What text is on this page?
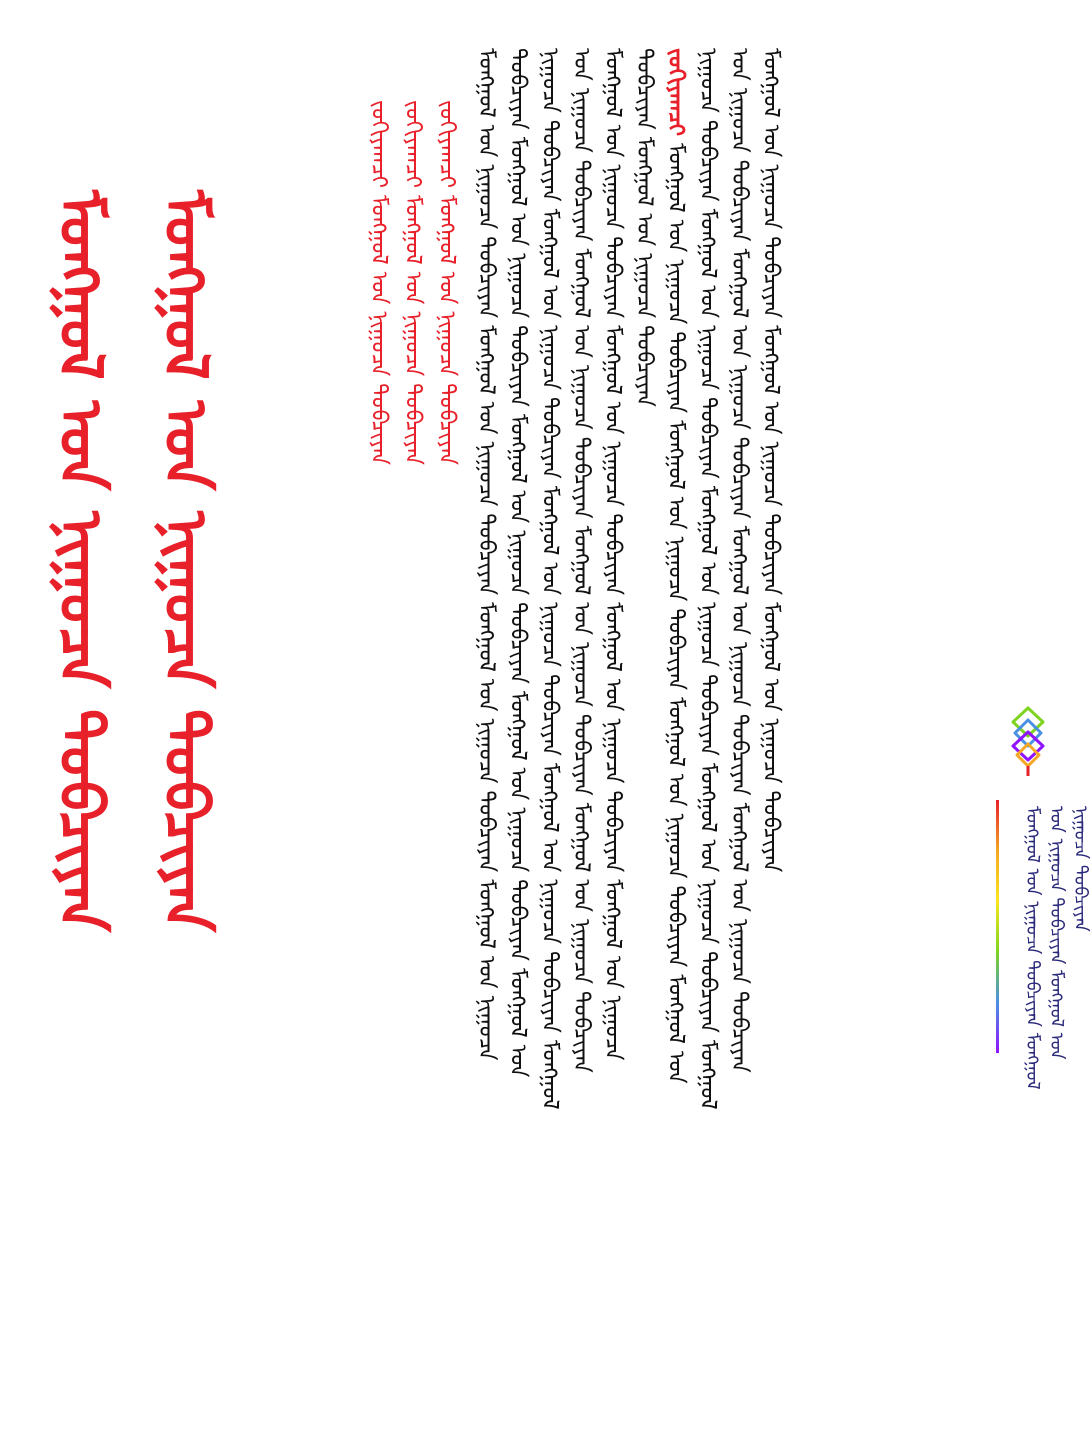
ᠮᠣᠩᠭᠣᠯ ᠤᠨ ᠨᠢᠭᠤᠴᠠ ᠲᠣᠪᠴᠢᠶᠠᠨ ᠮᠣᠩᠭᠣᠯ ᠤᠨ ᠨᠢᠭᠤᠴᠠ ᠲᠣᠪᠴᠢᠶᠠᠨ	ᠵᠣᠬᠢᠶᠠᠭᠴᠢ ᠮᠣᠩᠭᠣᠯ ᠤᠨ ᠨᠢᠭᠤᠴᠠ ᠲᠣᠪᠴᠢᠶᠠᠨ ᠵᠣᠬᠢᠶᠠᠭᠴᠢ ᠮᠣᠩᠭᠣᠯ ᠤᠨ ᠨᠢᠭᠤᠴᠠ ᠲᠣᠪᠴᠢᠶᠠᠨ ᠵᠣᠬᠢᠶᠠᠭᠴᠢ ᠮᠣᠩᠭᠣᠯ ᠤᠨ ᠨᠢᠭᠤᠴᠠ ᠲᠣᠪᠴᠢᠶᠠᠨ ᠮᠣᠩᠭᠣᠯ ᠤᠨ ᠨᠢᠭᠤᠴᠠ ᠲᠣᠪᠴᠢᠶᠠᠨ ᠮᠣᠩᠭᠣᠯ ᠤᠨ ᠨᠢᠭᠤᠴᠠ ᠲᠣᠪᠴᠢᠶᠠᠨ ᠮᠣᠩᠭᠣᠯ ᠤᠨ ᠨᠢᠭᠤᠴᠠ ᠲᠣᠪᠴᠢᠶᠠᠨ ᠮᠣᠩᠭᠣᠯ ᠤᠨ ᠨᠢᠭᠤᠴᠠ ᠲᠣᠪᠴᠢᠶᠠᠨ ᠮᠣᠩᠭᠣᠯ ᠤᠨ ᠨᠢᠭᠤᠴᠠ ᠲᠣᠪᠴᠢᠶᠠᠨ ᠮᠣᠩᠭᠣᠯ ᠤᠨ ᠨᠢᠭᠤᠴᠠ ᠲᠣᠪᠴᠢᠶᠠᠨ ᠮᠣᠩᠭᠣᠯ ᠤᠨ ᠨᠢᠭᠤᠴᠠ ᠲᠣᠪᠴᠢᠶᠠᠨ ᠮᠣᠩᠭᠣᠯ ᠤᠨ ᠨᠢᠭᠤᠴᠠ ᠲᠣᠪᠴᠢᠶᠠᠨ ᠮᠣᠩᠭᠣᠯ ᠤᠨ ᠨᠢᠭᠤᠴᠠ ᠲᠣᠪᠴᠢᠶᠠᠨ ᠮᠣᠩᠭᠣᠯ ᠤᠨ ᠨᠢᠭᠤᠴᠠ ᠲᠣᠪᠴᠢᠶᠠᠨ ᠮᠣᠩᠭᠣᠯ ᠤᠨ ᠨᠢᠭᠤᠴᠠ ᠲᠣᠪᠴᠢᠶᠠᠨ ᠮᠣᠩᠭᠣᠯ ᠤᠨ ᠨᠢᠭᠤᠴᠠ ᠲᠣᠪᠴᠢᠶᠠᠨ ᠮᠣᠩᠭᠣᠯ ᠤᠨ ᠨᠢᠭᠤᠴᠠ ᠲᠣᠪᠴᠢᠶᠠᠨ ᠮᠣᠩᠭᠣᠯ ᠤᠨ ᠨᠢᠭᠤᠴᠠ ᠲᠣᠪᠴᠢᠶᠠᠨ ᠮᠣᠩᠭᠣᠯ ᠤᠨ ᠨᠢᠭᠤᠴᠠ ᠲᠣᠪᠴᠢᠶᠠᠨ ᠮᠣᠩᠭᠣᠯ ᠤᠨ ᠨᠢᠭᠤᠴᠠ ᠲᠣᠪᠴᠢᠶᠠᠨ ᠮᠣᠩᠭᠣᠯ ᠤᠨ ᠨᠢᠭᠤᠴᠠ ᠲᠣᠪᠴᠢᠶᠠᠨ ᠮᠣᠩᠭᠣᠯ ᠤᠨ ᠨᠢᠭᠤᠴᠠ ᠲᠣᠪᠴᠢᠶᠠᠨ ᠮᠣᠩᠭᠣᠯ ᠤᠨ ᠨᠢᠭᠤᠴᠠ ᠲᠣᠪᠴᠢᠶᠠᠨ ᠮᠣᠩᠭᠣᠯ ᠤᠨ ᠨᠢᠭᠤᠴᠠ ᠲᠣᠪᠴᠢᠶᠠᠨ ᠵᠣᠬᠢᠶᠠᠭᠴᠢ ᠮᠣᠩᠭᠣᠯ ᠤᠨ ᠨᠢᠭᠤᠴᠠ ᠲᠣᠪᠴᠢᠶᠠᠨ ᠮᠣᠩᠭᠣᠯ ᠤᠨ ᠨᠢᠭᠤᠴᠠ ᠲᠣᠪᠴᠢᠶᠠᠨ ᠮᠣᠩᠭᠣᠯ ᠤᠨ ᠨᠢᠭᠤᠴᠠ ᠲᠣᠪᠴᠢᠶᠠᠨ ᠮᠣᠩᠭᠣᠯ ᠤᠨ ᠨᠢᠭᠤᠴᠠ ᠲᠣᠪᠴᠢᠶᠠᠨ ᠮᠣᠩᠭᠣᠯ ᠤᠨ ᠨᠢᠭᠤᠴᠠ ᠲᠣᠪᠴᠢᠶᠠᠨ ᠮᠣᠩᠭᠣᠯ ᠤᠨ ᠨᠢᠭᠤᠴᠠ ᠲᠣᠪᠴᠢᠶᠠᠨ ᠮᠣᠩᠭᠣᠯ ᠤᠨ ᠨᠢᠭᠤᠴᠠ ᠲᠣᠪᠴᠢᠶᠠᠨ ᠮᠣᠩᠭᠣᠯ ᠤᠨ ᠨᠢᠭᠤᠴᠠ ᠲᠣᠪᠴᠢᠶᠠᠨ ᠮᠣᠩᠭᠣᠯ ᠤᠨ ᠨᠢᠭᠤᠴᠠ ᠲᠣᠪᠴᠢᠶᠠᠨ ᠮᠣᠩᠭᠣᠯ ᠤᠨ ᠨᠢᠭᠤᠴᠠ ᠲᠣᠪᠴᠢᠶᠠᠨ ᠮᠣᠩᠭᠣᠯ ᠤᠨ ᠨᠢᠭᠤᠴᠠ ᠲᠣᠪᠴᠢᠶᠠᠨ ᠮᠣᠩᠭᠣᠯ ᠤᠨ ᠨᠢᠭᠤᠴᠠ ᠲᠣᠪᠴᠢᠶᠠᠨ ᠮᠣᠩᠭᠣᠯ ᠤᠨ ᠨᠢᠭᠤᠴᠠ ᠲᠣᠪᠴᠢᠶᠠᠨ ᠮᠣᠩᠭᠣᠯ ᠤᠨ ᠨᠢᠭᠤᠴᠠ ᠲᠣᠪᠴᠢᠶᠠᠨ

ᠮᠣᠩᠭᠣᠯ ᠤᠨ ᠨᠢᠭᠤᠴᠠ ᠲᠣᠪᠴᠢᠶᠠᠨ ᠮᠣᠩᠭᠣᠯ ᠤᠨ ᠨᠢᠭᠤᠴᠠ ᠲᠣᠪᠴᠢᠶᠠᠨ ᠮᠣᠩᠭᠣᠯ ᠤᠨ ᠨᠢᠭᠤᠴᠠ ᠲᠣᠪᠴᠢᠶᠠᠨ
